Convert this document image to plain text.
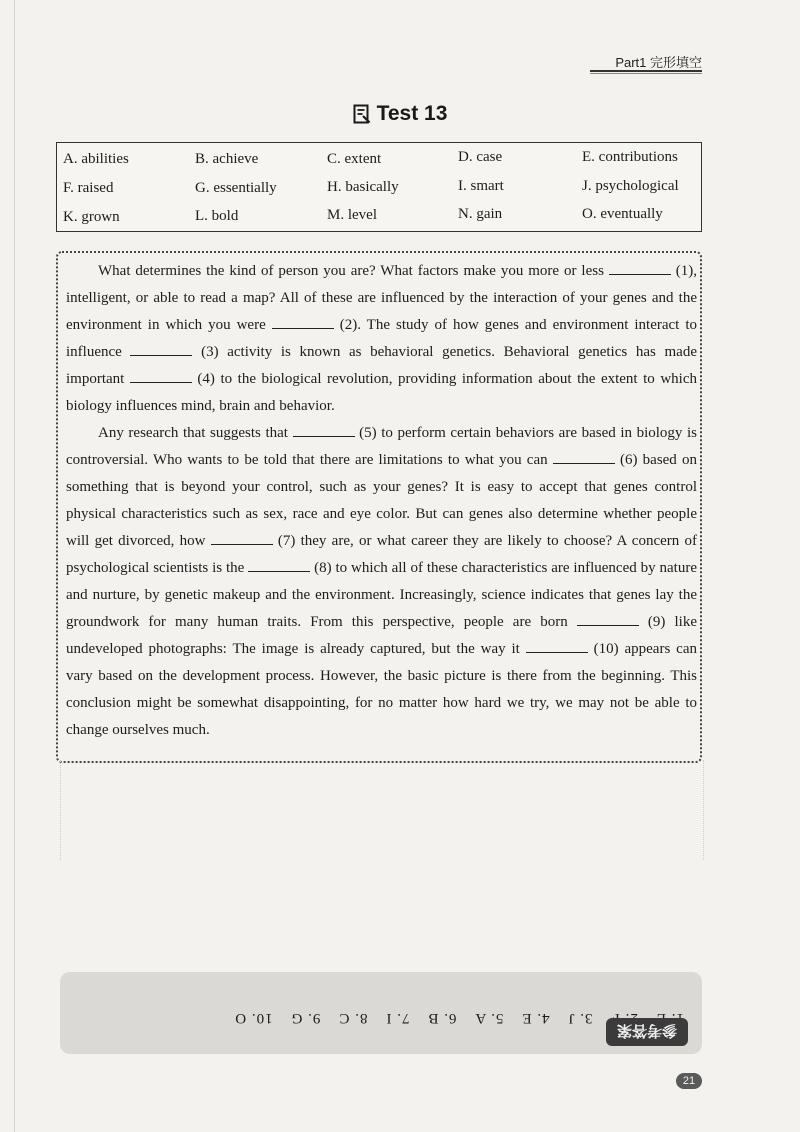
Part1 完形填空
Test 13
A. abilities	B. achieve	C. extent	D. case	E. contributions
F. raised	G. essentially	H. basically	I. smart	J. psychological
K. grown	L. bold	M. level	N. gain	O. eventually

What determines the kind of person you are? What factors make you more or less	(1), intelligent, or able to read a map? All of these are influenced by the interaction of your genes and the environment in which you were	(2). The study of how genes and environment interact to influence	(3) activity is known as behavioral genetics. Behavioral genetics has made important	(4) to the biological revolution, providing information about the extent to which biology influences mind, brain and behavior.

Any research that suggests that	(5) to perform certain behaviors are based in biology is controversial. Who wants to be told that there are limitations to what you can	(6) based on something that is beyond your control, such as your genes? It is easy to accept that genes control physical characteristics such as sex, race and eye color. But can genes also determine whether people will get divorced, how	(7) they are, or what career they are likely to choose? A concern of psychological scientists is the	(8) to which all of these characteristics are influenced by nature and nurture, by genetic makeup and the environment. Increasingly, science indicates that genes lay the groundwork for many human traits. From this perspective, people are born	(9) like undeveloped photographs: The image is already captured, but the way it	(10) appears can vary based on the development process. However, the basic picture is there from the beginning. This conclusion might be somewhat disappointing, for no matter how hard we try, we may not be able to change ourselves much.

3. J
4. E
5. A
6. B
7. I
8. C
9. G
10. O
参考答案
21
